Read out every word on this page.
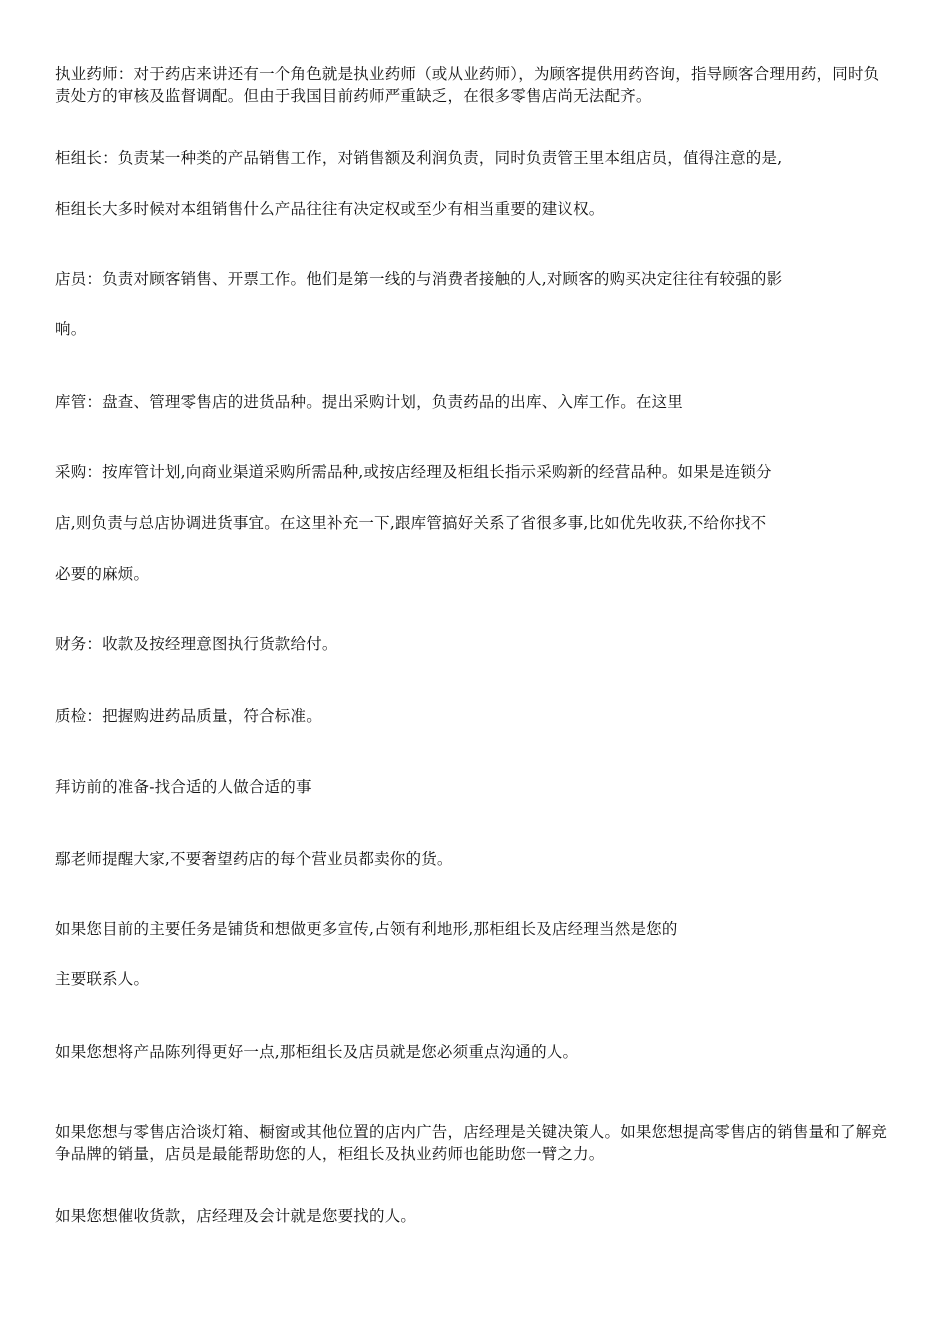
执业药师：对于药店来讲还有一个角色就是执业药师（或从业药师），为顾客提供用药咨询，指导顾客合理用药，同时负责处方的审核及监督调配。但由于我国目前药师严重缺乏，在很多零售店尚无法配齐。
柜组长：负责某一种类的产品销售工作，对销售额及利润负责，同时负责管王里本组店员，值得注意的是,
柜组长大多时候对本组销售什么产品往往有决定权或至少有相当重要的建议权。
店员：负责对顾客销售、开票工作。他们是第一线的与消费者接触的人,对顾客的购买决定往往有较强的影
响。
库管：盘查、管理零售店的进货品种。提出采购计划，负责药品的出库、入库工作。在这里
采购：按库管计划,向商业渠道采购所需品种,或按店经理及柜组长指示采购新的经营品种。如果是连锁分
店,则负责与总店协调进货事宜。在这里补充一下,跟库管搞好关系了省很多事,比如优先收获,不给你找不
必要的麻烦。
财务：收款及按经理意图执行货款给付。
质检：把握购进药品质量，符合标准。
拜访前的准备-找合适的人做合适的事
鄢老师提醒大家,不要奢望药店的每个营业员都卖你的货。
如果您目前的主要任务是铺货和想做更多宣传,占领有利地形,那柜组长及店经理当然是您的
主要联系人。
如果您想将产品陈列得更好一点,那柜组长及店员就是您必须重点沟通的人。
如果您想与零售店洽谈灯箱、橱窗或其他位置的店内广告，店经理是关键决策人。如果您想提高零售店的销售量和了解竞争品牌的销量，店员是最能帮助您的人，柜组长及执业药师也能助您一臂之力。
如果您想催收货款，店经理及会计就是您要找的人。
